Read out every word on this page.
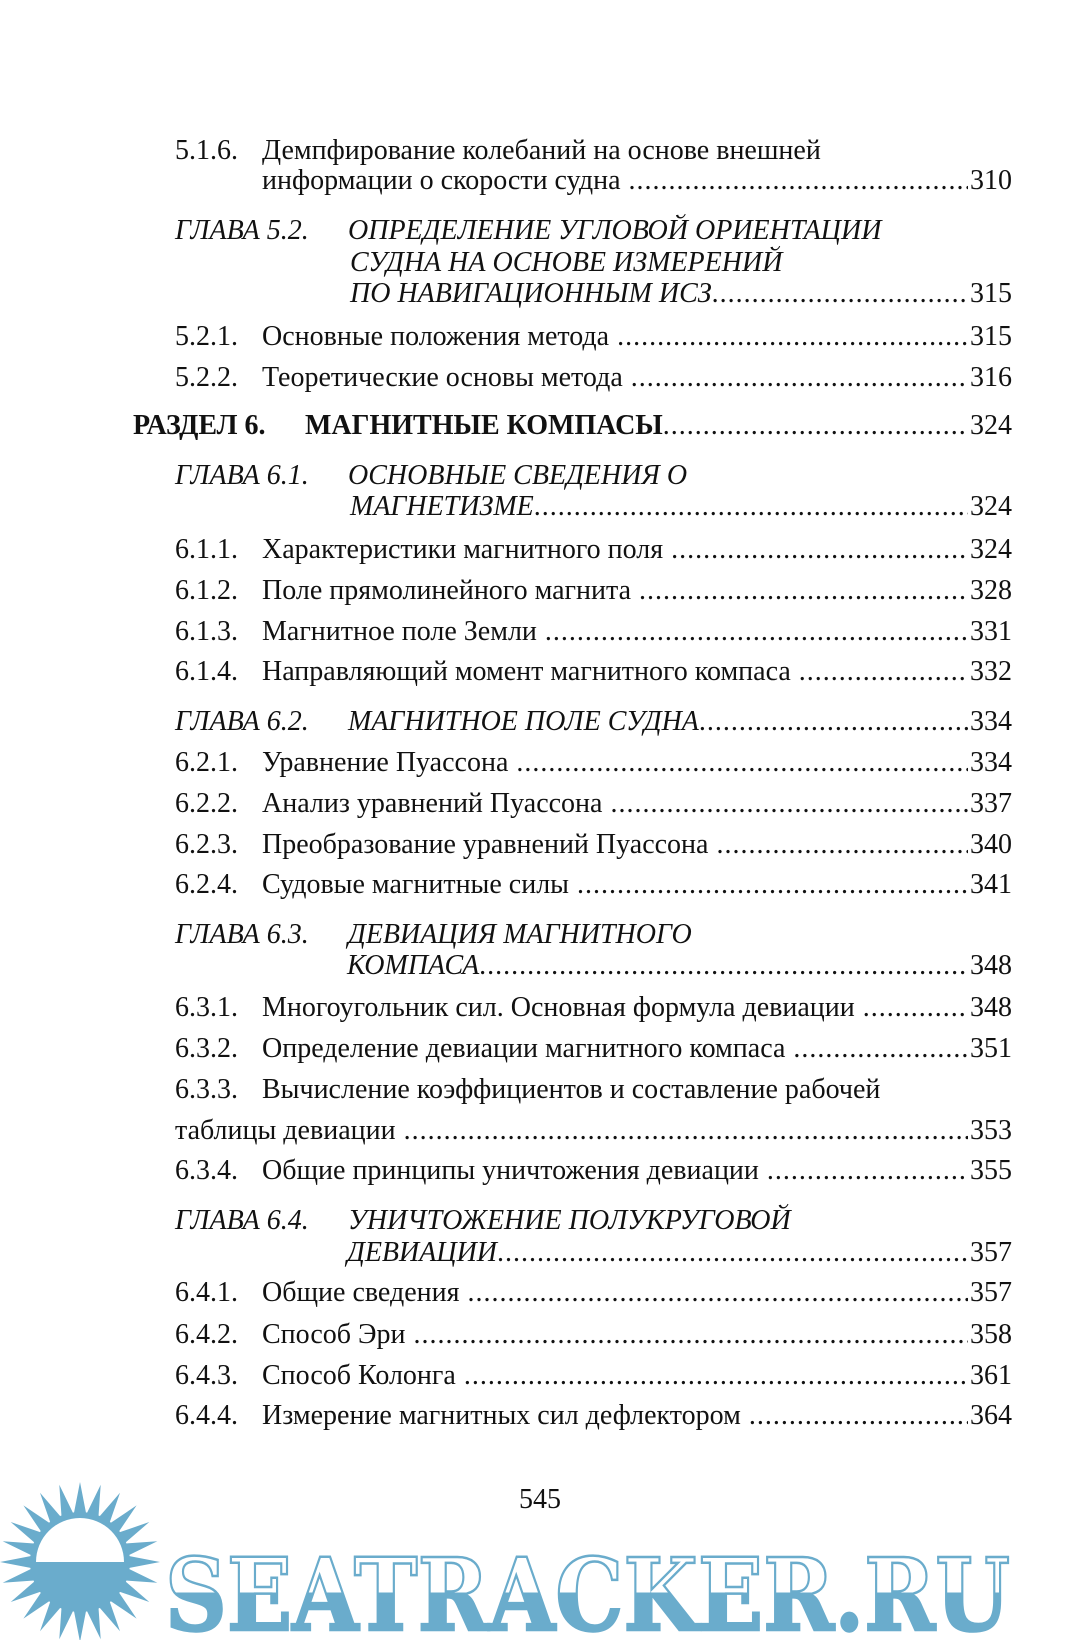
5.1.6. Демпфирование колебаний на основе внешней
информации о скорости судна .....	310
ГЛАВА 5.2.	ОПРЕДЕЛЕНИЕ УГЛОВОЙ ОРИЕНТАЦИИ
СУДНА НА ОСНОВЕ ИЗМЕРЕНИЙ
ПО НАВИГАЦИОННЫМ ИСЗ .....	315
5.2.1. Основные положения метода .....	315
5.2.2. Теоретические основы метода .....	316
РАЗДЕЛ 6.	МАГНИТНЫЕ КОМПАСЫ .....	324
ГЛАВА 6.1.	ОСНОВНЫЕ СВЕДЕНИЯ О
МАГНЕТИЗМЕ .....	324
6.1.1. Характеристики магнитного поля .....	324
6.1.2. Поле прямолинейного магнита .....	328
6.1.3. Магнитное поле Земли .....	331
6.1.4. Направляющий момент магнитного компаса .....	332
ГЛАВА 6.2.	МАГНИТНОЕ ПОЛЕ СУДНА .....	334
6.2.1. Уравнение Пуассона .....	334
6.2.2. Анализ уравнений Пуассона .....	337
6.2.3. Преобразование уравнений Пуассона .....	340
6.2.4. Судовые магнитные силы .....	341
ГЛАВА 6.3.	ДЕВИАЦИЯ МАГНИТНОГО
КОМПАСА .....	348
6.3.1. Многоугольник сил. Основная формула девиации .....	348
6.3.2. Определение девиации магнитного компаса .....	351
6.3.3. Вычисление коэффициентов и составление рабочей
таблицы девиации .....	353
6.3.4. Общие принципы уничтожения девиации .....	355
ГЛАВА 6.4.	УНИЧТОЖЕНИЕ ПОЛУКРУГОВОЙ
ДЕВИАЦИИ .....	357
6.4.1. Общие сведения .....	357
6.4.2. Способ Эри .....	358
6.4.3. Способ Колонга .....	361
6.4.4. Измерение магнитных сил дефлектором .....	364
545
SEATRACKER.RU
